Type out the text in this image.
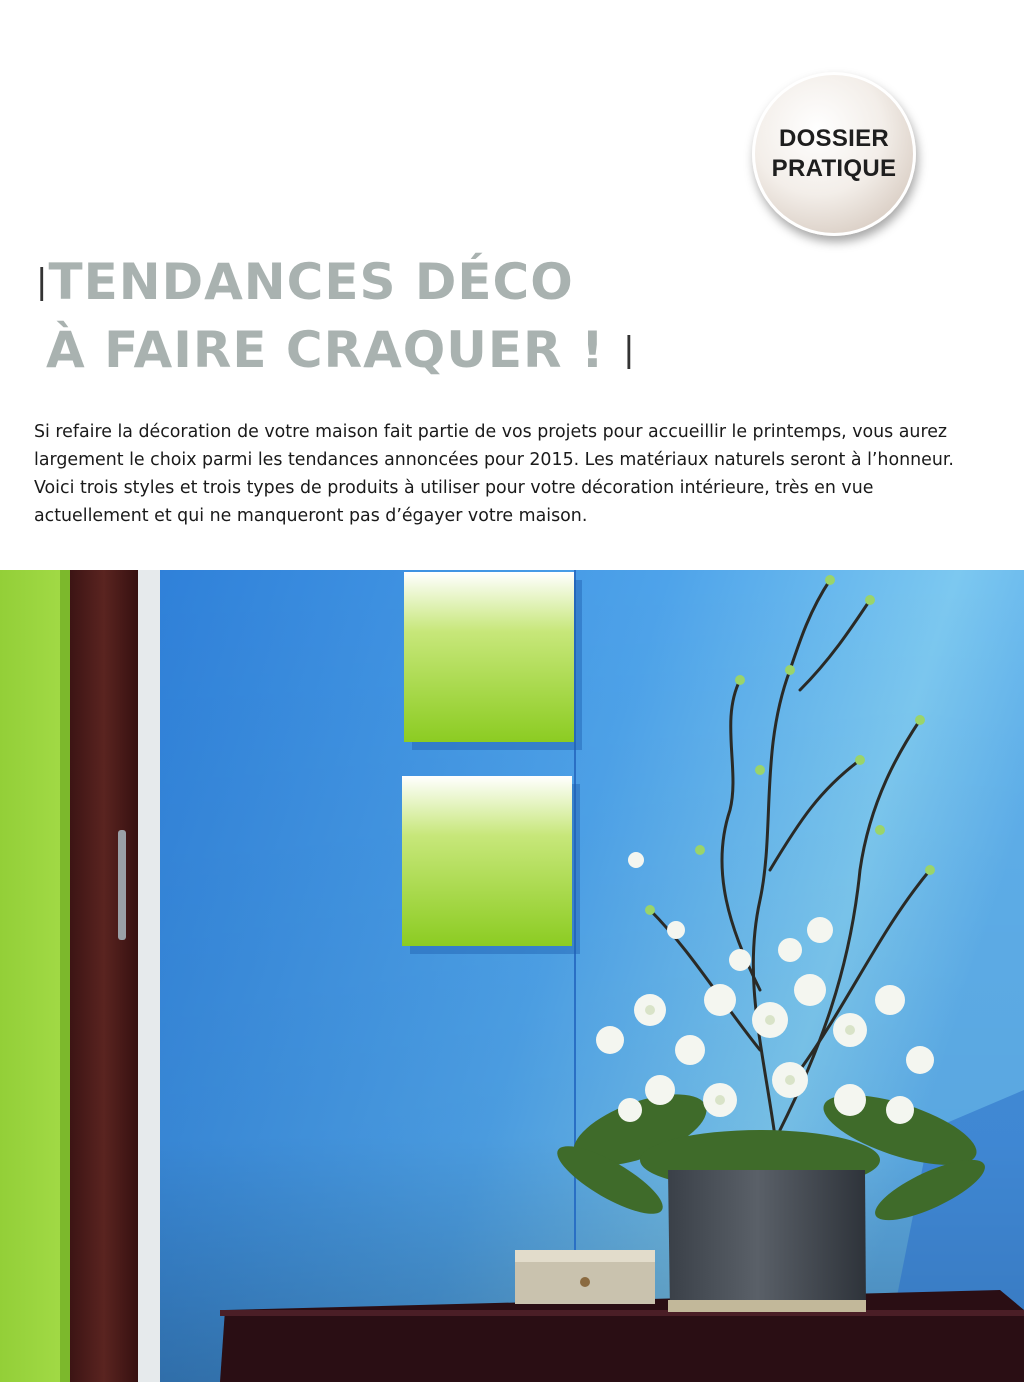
DOSSIER
PRATIQUE
|TENDANCES DÉCO
À FAIRE CRAQUER ! |
Si refaire la décoration de votre maison fait partie de vos projets pour accueillir le printemps, vous aurez largement le choix parmi les tendances annoncées pour 2015. Les matériaux naturels seront à l’honneur. Voici trois styles et trois types de produits à utiliser pour votre décoration intérieure, très en vue actuellement et qui ne manqueront pas d’égayer votre maison.
